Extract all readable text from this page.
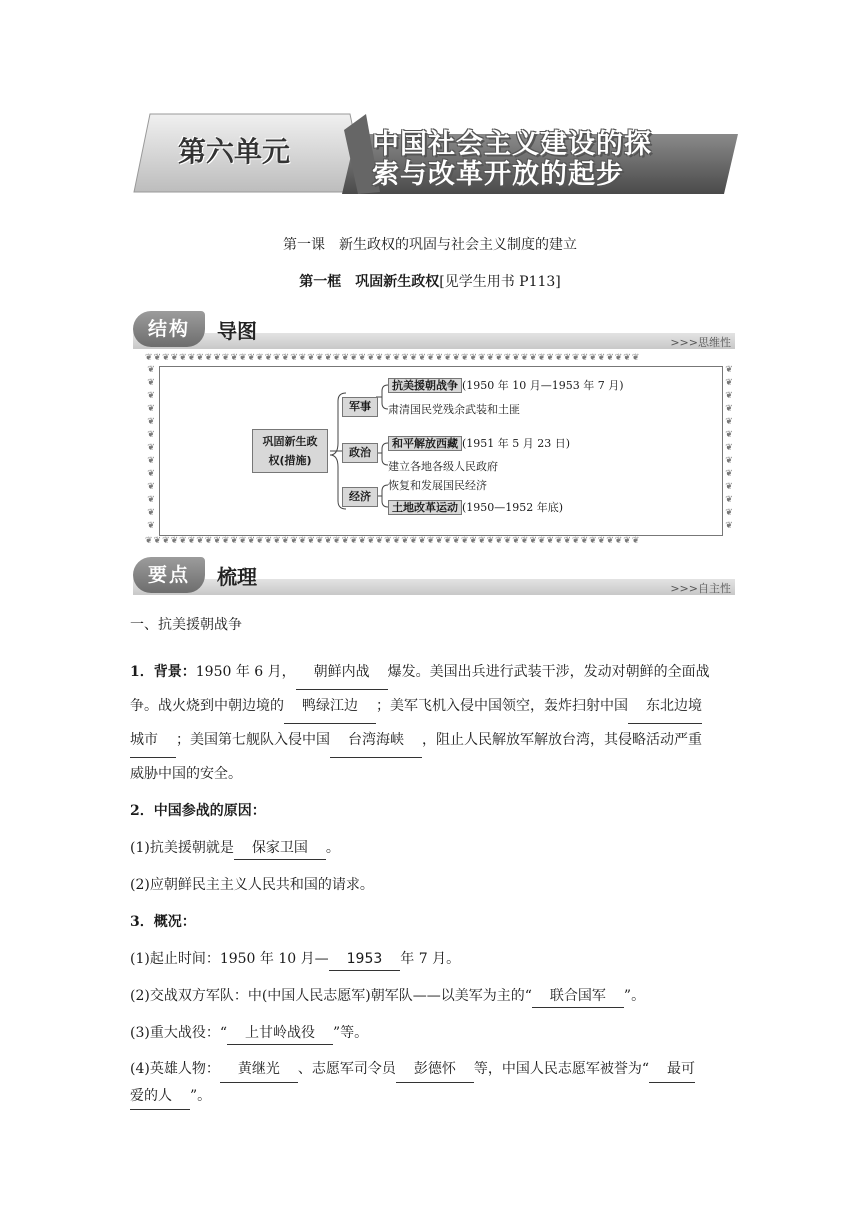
第六单元	中国社会主义建设的探
索与改革开放的起步
第一课　新生政权的巩固与社会主义制度的建立
第一框　巩固新生政权[见学生用书 P113]
结构	导图	>>>思维性
❦❦❦❦❦❦❦❦❦❦❦❦❦❦❦❦❦❦❦❦❦❦❦❦❦❦❦❦❦❦❦❦❦❦❦❦❦❦❦❦❦❦❦❦❦❦❦❦❦❦❦❦❦❦❦❦❦❦
❦❦❦❦❦❦❦❦❦❦❦❦❦❦❦❦❦❦❦❦❦❦❦❦❦❦❦❦❦❦❦❦❦❦❦❦❦❦❦❦❦❦❦❦❦❦❦❦❦❦❦❦❦❦❦❦❦❦
❦❦❦❦❦❦❦❦❦❦❦❦❦
❦❦❦❦❦❦❦❦❦❦❦❦❦
巩固新生政
权(措施)
军事
政治
经济
抗美援朝战争 (1950 年 10 月—1953 年 7 月)
肃清国民党残余武装和土匪
和平解放西藏 (1951 年 5 月 23 日)
建立各地各级人民政府
恢复和发展国民经济
土地改革运动 (1950—1952 年底)
要点	梳理	>>>自主性
一、抗美援朝战争
1．背景：1950 年 6 月， 朝鲜内战 爆发。美国出兵进行武装干涉，发动对朝鲜的全面战
争。战火烧到中朝边境的 鸭绿江边 ；美军飞机入侵中国领空，轰炸扫射中国 东北边境
城市 ；美国第七舰队入侵中国 台湾海峡 ，阻止人民解放军解放台湾，其侵略活动严重
威胁中国的安全。
2．中国参战的原因：
(1)抗美援朝就是 保家卫国 。
(2)应朝鲜民主主义人民共和国的请求。
3．概况：
(1)起止时间：1950 年 10 月— 1953 年 7 月。
(2)交战双方军队：中(中国人民志愿军)朝军队——以美军为主的“ 联合国军 ”。
(3)重大战役：“ 上甘岭战役 ”等。
(4)英雄人物： 黄继光 、志愿军司令员 彭德怀 等，中国人民志愿军被誉为“ 最可
爱的人 ”。
